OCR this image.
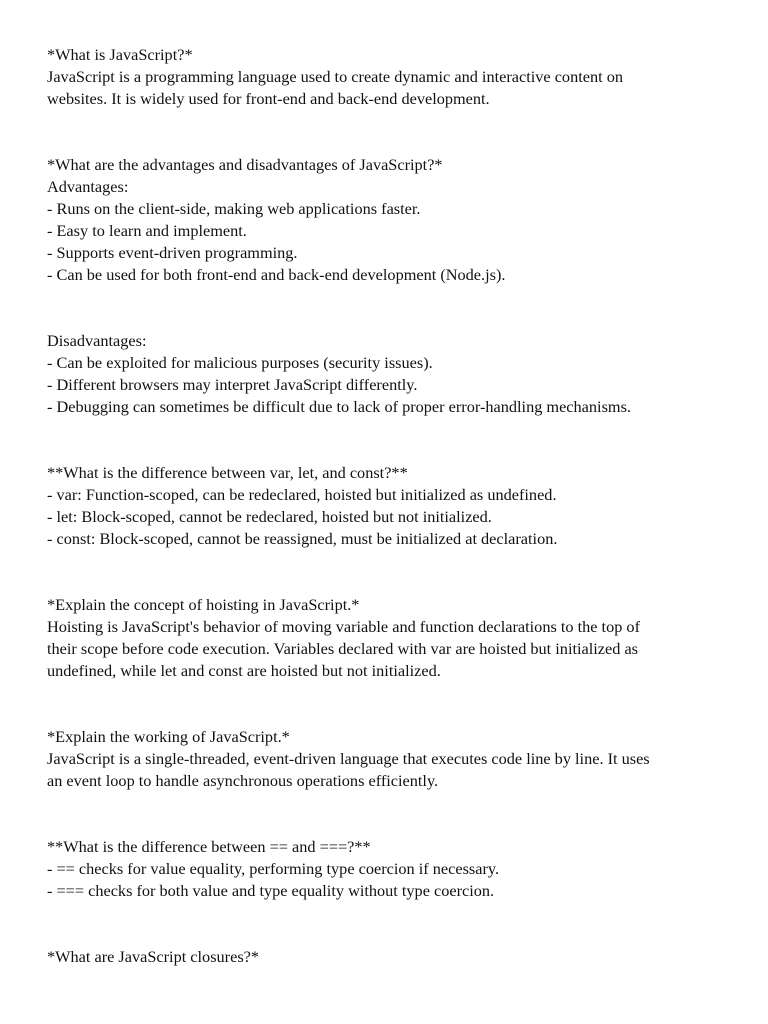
*What is JavaScript?*
JavaScript is a programming language used to create dynamic and interactive content on
websites. It is widely used for front-end and back-end development.
*What are the advantages and disadvantages of JavaScript?*
Advantages:
- Runs on the client-side, making web applications faster.
- Easy to learn and implement.
- Supports event-driven programming.
- Can be used for both front-end and back-end development (Node.js).
Disadvantages:
- Can be exploited for malicious purposes (security issues).
- Different browsers may interpret JavaScript differently.
- Debugging can sometimes be difficult due to lack of proper error-handling mechanisms.
**What is the difference between var, let, and const?**
- var: Function-scoped, can be redeclared, hoisted but initialized as undefined.
- let: Block-scoped, cannot be redeclared, hoisted but not initialized.
- const: Block-scoped, cannot be reassigned, must be initialized at declaration.
*Explain the concept of hoisting in JavaScript.*
Hoisting is JavaScript's behavior of moving variable and function declarations to the top of
their scope before code execution. Variables declared with var are hoisted but initialized as
undefined, while let and const are hoisted but not initialized.
*Explain the working of JavaScript.*
JavaScript is a single-threaded, event-driven language that executes code line by line. It uses
an event loop to handle asynchronous operations efficiently.
**What is the difference between == and ===?**
- == checks for value equality, performing type coercion if necessary.
- === checks for both value and type equality without type coercion.
*What are JavaScript closures?*
